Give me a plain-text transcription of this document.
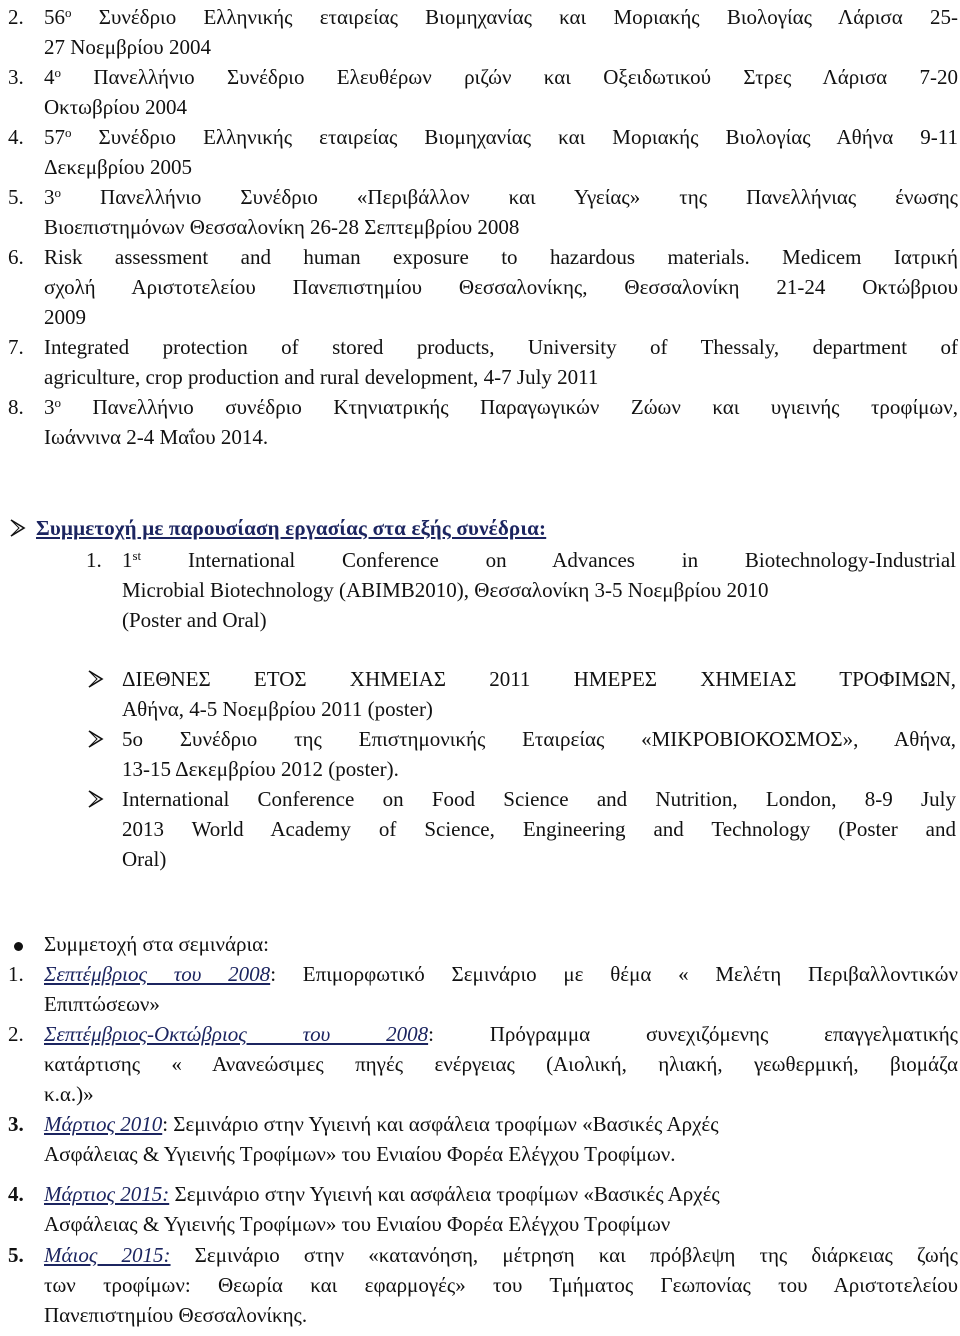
2. $56^o$ Συνέδριο Ελληνικής εταιρείας Βιομηχανίας και Μοριακής Βιολογίας Λάρισα 25-
27 Νοεμβρίου 2004
3. $4^o$ Πανελλήνιο Συνέδριο Ελευθέρων ριζών και Οξειδωτικού Στρες Λάρισα 7-20
Οκτωβρίου 2004
4. $57^o$ Συνέδριο Ελληνικής εταιρείας Βιομηχανίας και Μοριακής Βιολογίας Αθήνα 9-11
Δεκεμβρίου 2005
5. $3^o$ Πανελλήνιο Συνέδριο «Περιβάλλον και Υγείας» της Πανελλήνιας ένωσης
Βιοεπιστημόνων Θεσσαλονίκη 26-28 Σεπτεμβρίου 2008
6. Risk assessment and human exposure to hazardous materials. Medicem Ιατρική
σχολή Αριστοτελείου Πανεπιστημίου Θεσσαλονίκης, Θεσσαλονίκη 21-24 Οκτώβριου
2009
7. Integrated protection of stored products, University of Thessaly, department of
agriculture, crop production and rural development, 4-7 July 2011
8. $3^o$ Πανελλήνιο συνέδριο Κτηνιατρικής Παραγωγικών Ζώων και υγιεινής τροφίμων,
Ιωάννινα 2-4 Μαΐου 2014.
Συμμετοχή με παρουσίαση εργασίας στα εξής συνέδρια:
1. 1st International Conference on Advances in Biotechnology-Industrial
Microbial Biotechnology (ABIMB2010), Θεσσαλονίκη 3-5 Νοεμβρίου 2010
(Poster and Oral)
ΔΙΕΘΝΕΣ ΕΤΟΣ ΧΗΜΕΙΑΣ 2011 ΗΜΕΡΕΣ ΧΗΜΕΙΑΣ ΤΡΟΦΙΜΩΝ,
Αθήνα, 4-5 Νοεμβρίου 2011 (poster)
5ο Συνέδριο της Επιστημονικής Εταιρείας «ΜΙΚΡΟΒΙΟΚΟΣΜΟΣ», Αθήνα,
13-15 Δεκεμβρίου 2012 (poster).
International Conference on Food Science and Nutrition, London, 8-9 July
2013 World Academy of Science, Engineering and Technology (Poster and
Oral)
Συμμετοχή στα σεμινάρια:
1. Σεπτέμβριος του 2008: Επιμορφωτικό Σεμινάριο με θέμα « Μελέτη Περιβαλλοντικών
Επιπτώσεων»
2. Σεπτέμβριος-Οκτώβριος του 2008: Πρόγραμμα συνεχιζόμενης επαγγελματικής
κατάρτισης « Ανανεώσιμες πηγές ενέργειας (Αιολική, ηλιακή, γεωθερμική, βιομάζα
κ.α.)»
3. Μάρτιος 2010: Σεμινάριο στην Υγιεινή και ασφάλεια τροφίμων «Βασικές Αρχές
Ασφάλειας & Υγιεινής Τροφίμων» του Ενιαίου Φορέα Ελέγχου Τροφίμων.
4. Μάρτιος 2015: Σεμινάριο στην Υγιεινή και ασφάλεια τροφίμων «Βασικές Αρχές
Ασφάλειας & Υγιεινής Τροφίμων» του Ενιαίου Φορέα Ελέγχου Τροφίμων
5. Μάιος 2015: Σεμινάριο στην «κατανόηση, μέτρηση και πρόβλεψη της διάρκειας ζωής
των τροφίμων: Θεωρία και εφαρμογές» του Τμήματος Γεωπονίας του Αριστοτελείου
Πανεπιστημίου Θεσσαλονίκης.
